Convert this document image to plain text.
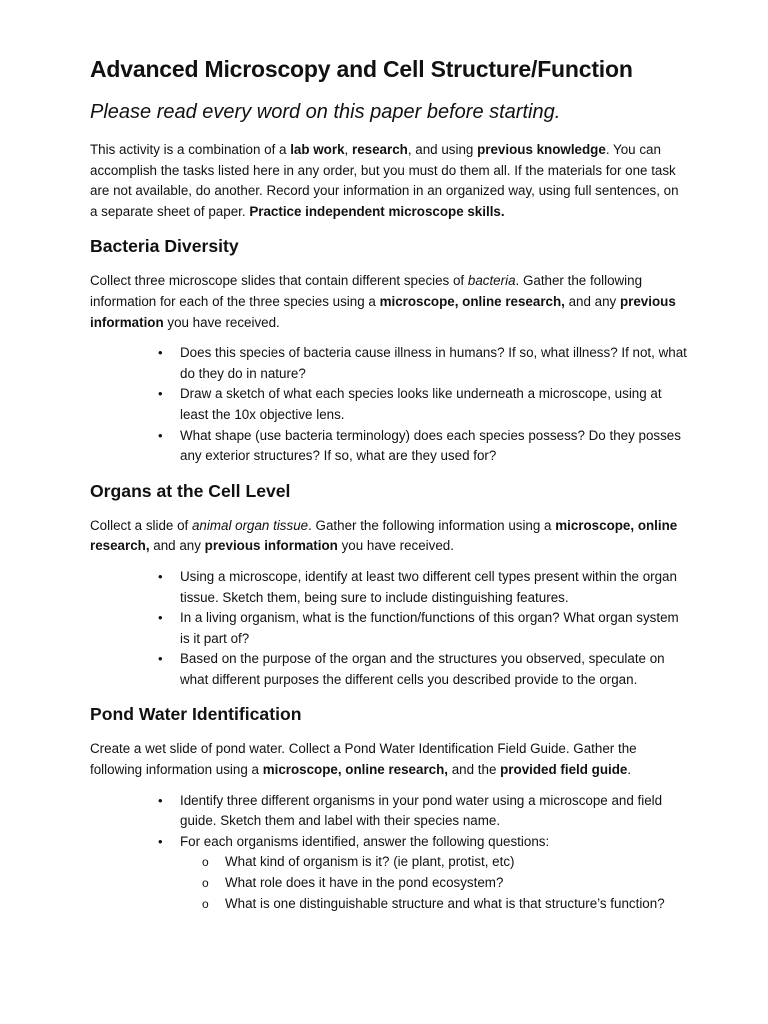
Advanced Microscopy and Cell Structure/Function
Please read every word on this paper before starting.

This activity is a combination of a lab work, research, and using previous knowledge. You can accomplish the tasks listed here in any order, but you must do them all. If the materials for one task are not available, do another. Record your information in an organized way, using full sentences, on a separate sheet of paper. Practice independent microscope skills.

Bacteria Diversity

Collect three microscope slides that contain different species of bacteria. Gather the following information for each of the three species using a microscope, online research, and any previous information you have received.

• Does this species of bacteria cause illness in humans? If so, what illness? If not, what do they do in nature?
• Draw a sketch of what each species looks like underneath a microscope, using at least the 10x objective lens.
• What shape (use bacteria terminology) does each species possess? Do they posses any exterior structures? If so, what are they used for?
Organs at the Cell Level

Collect a slide of animal organ tissue. Gather the following information using a microscope, online research, and any previous information you have received.

• Using a microscope, identify at least two different cell types present within the organ tissue. Sketch them, being sure to include distinguishing features.
• In a living organism, what is the function/functions of this organ? What organ system is it part of?
• Based on the purpose of the organ and the structures you observed, speculate on what different purposes the different cells you described provide to the organ.
Pond Water Identification

Create a wet slide of pond water. Collect a Pond Water Identification Field Guide. Gather the following information using a microscope, online research, and the provided field guide.

• Identify three different organisms in your pond water using a microscope and field guide. Sketch them and label with their species name.
• For each organisms identified, answer the following questions:
o What kind of organism is it? (ie plant, protist, etc)
o What role does it have in the pond ecosystem?
o What is one distinguishable structure and what is that structure’s function?
